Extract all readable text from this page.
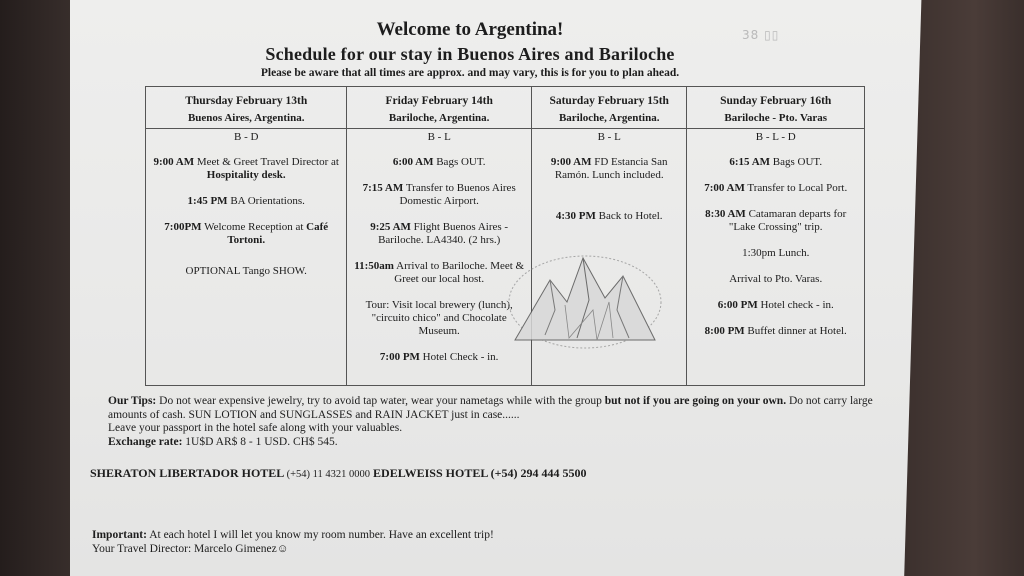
Welcome to Argentina!
Schedule for our stay in Buenos Aires and Bariloche
Please be aware that all times are approx. and may vary, this is for you to plan ahead.
38 ▯▯
Thursday February 13th
Buenos Aires, Argentina.
B - D
9:00 AM Meet & Greet Travel Director at Hospitality desk.
1:45 PM BA Orientations.
7:00PM Welcome Reception at Café Tortoni.
OPTIONAL Tango SHOW.
Friday February 14th
Bariloche, Argentina.
B - L
6:00 AM Bags OUT.
7:15 AM Transfer to Buenos Aires Domestic Airport.
9:25 AM Flight Buenos Aires - Bariloche. LA4340. (2 hrs.)
11:50am Arrival to Bariloche. Meet & Greet our local host.
Tour: Visit local brewery (lunch), "circuito chico" and Chocolate Museum.
7:00 PM Hotel Check - in.
Saturday February 15th
Bariloche, Argentina.
B - L
9:00 AM FD Estancia San Ramón. Lunch included.
4:30 PM Back to Hotel.
Sunday February 16th
Bariloche - Pto. Varas
B - L - D
6:15 AM Bags OUT.
7:00 AM Transfer to Local Port.
8:30 AM Catamaran departs for "Lake Crossing" trip.
1:30pm Lunch.
Arrival to Pto. Varas.
6:00 PM Hotel check - in.
8:00 PM Buffet dinner at Hotel.
Our Tips: Do not wear expensive jewelry, try to avoid tap water, wear your nametags while with the group but not if you are going on your own. Do not carry large amounts of cash. SUN LOTION and SUNGLASSES and RAIN JACKET just in case......
Leave your passport in the hotel safe along with your valuables.
Exchange rate: 1U$D AR$ 8 - 1 USD. CH$ 545.
SHERATON LIBERTADOR HOTEL (+54) 11 4321 0000 EDELWEISS HOTEL (+54) 294 444 5500
Important: At each hotel I will let you know my room number. Have an excellent trip!
Your Travel Director: Marcelo Gimenez☺
